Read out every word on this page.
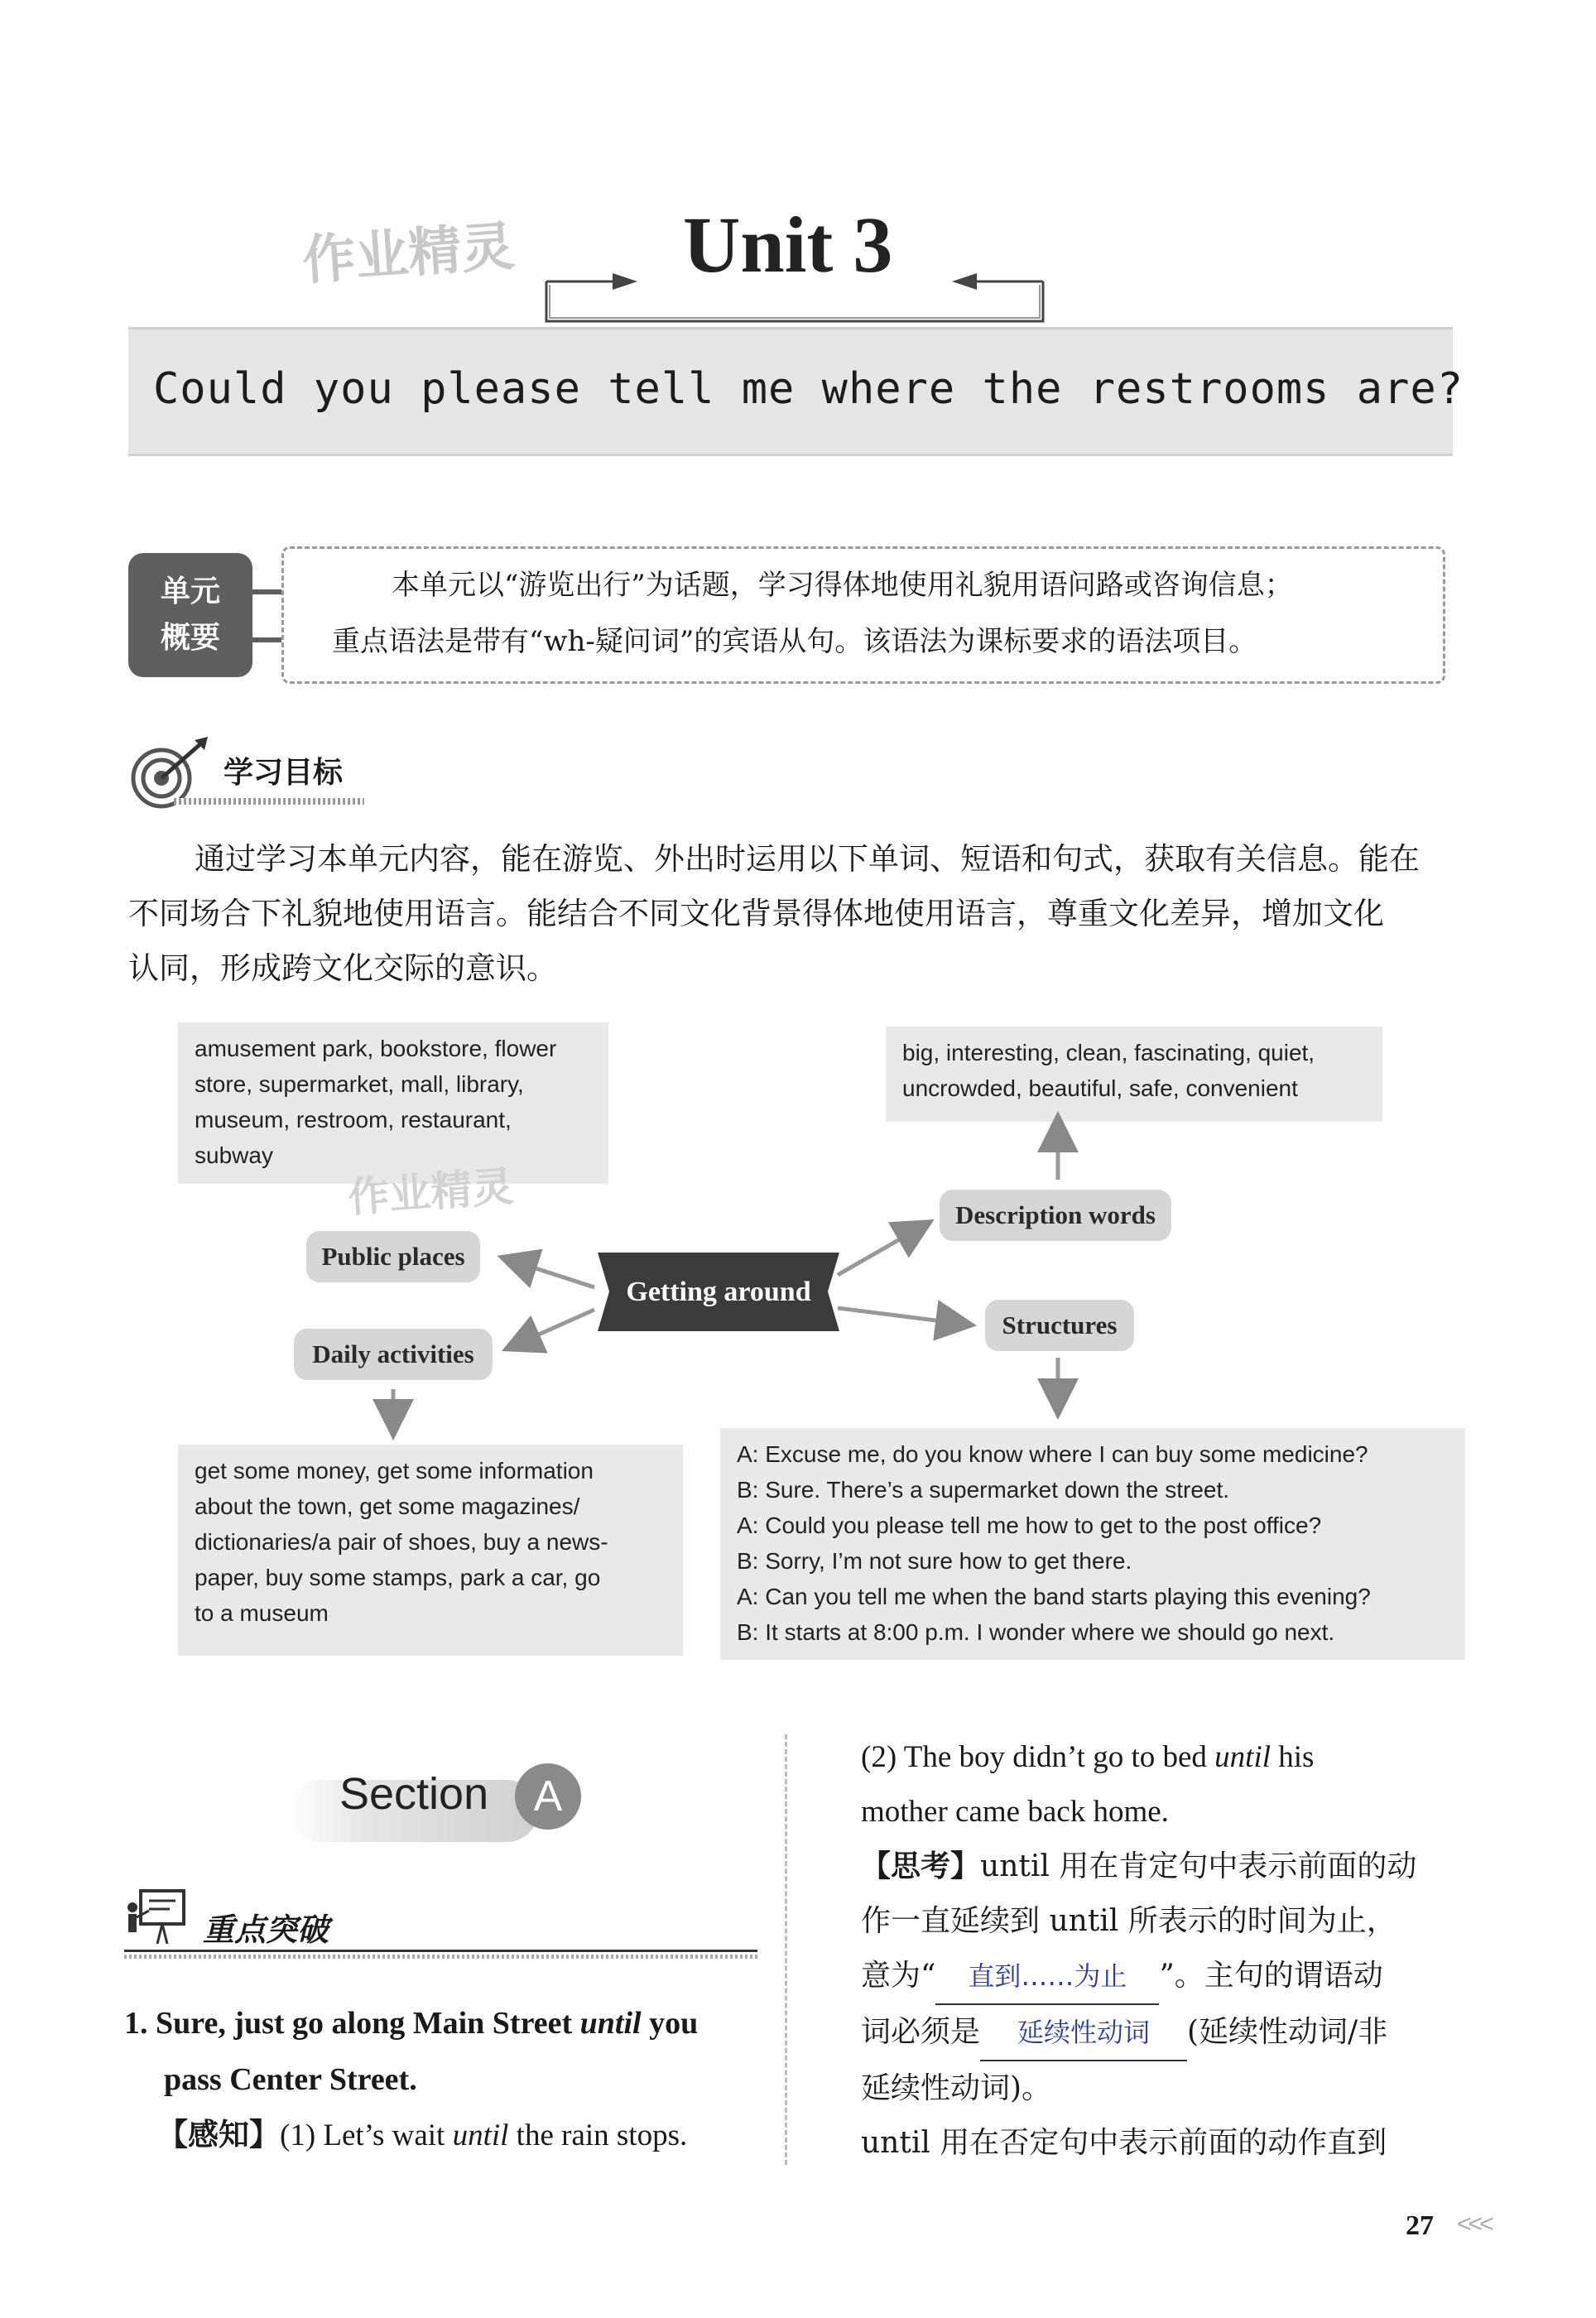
作业精灵 Unit 3
Could you please tell me where the restrooms are?
单元
概要
本单元以“游览出行”为话题，学习得体地使用礼貌用语问路或咨询信息；
重点语法是带有“wh-疑问词”的宾语从句。该语法为课标要求的语法项目。
学习目标
通过学习本单元内容，能在游览、外出时运用以下单词、短语和句式，获取有关信息。能在
不同场合下礼貌地使用语言。能结合不同文化背景得体地使用语言，尊重文化差异，增加文化
认同，形成跨文化交际的意识。
amusement park, bookstore, flower
store, supermarket, mall, library,
museum, restroom, restaurant,
subway
作业精灵
big, interesting, clean, fascinating, quiet,
uncrowded, beautiful, safe, convenient
Public places
Daily activities
Description words
Structures
Getting around
get some money, get some information
about the town, get some magazines/
dictionaries/a pair of shoes, buy a news-
paper, buy some stamps, park a car, go
to a museum
A: Excuse me, do you know where I can buy some medicine?
B: Sure. There’s a supermarket down the street.
A: Could you please tell me how to get to the post office?
B: Sorry, I’m not sure how to get there.
A: Can you tell me when the band starts playing this evening?
B: It starts at 8:00 p.m. I wonder where we should go next.
Section	A
重点突破
1. Sure, just go along Main Street until you
pass Center Street.
【感知】(1) Let’s wait until the rain stops.
(2) The boy didn’t go to bed until his
mother came back home.
【思考】until 用在肯定句中表示前面的动
作一直延续到 until 所表示的时间为止，
意为“ 直到……为止 ”。主句的谓语动
词必须是 延续性动词 (延续性动词/非
延续性动词)。
until 用在否定句中表示前面的动作直到
27 <<<
